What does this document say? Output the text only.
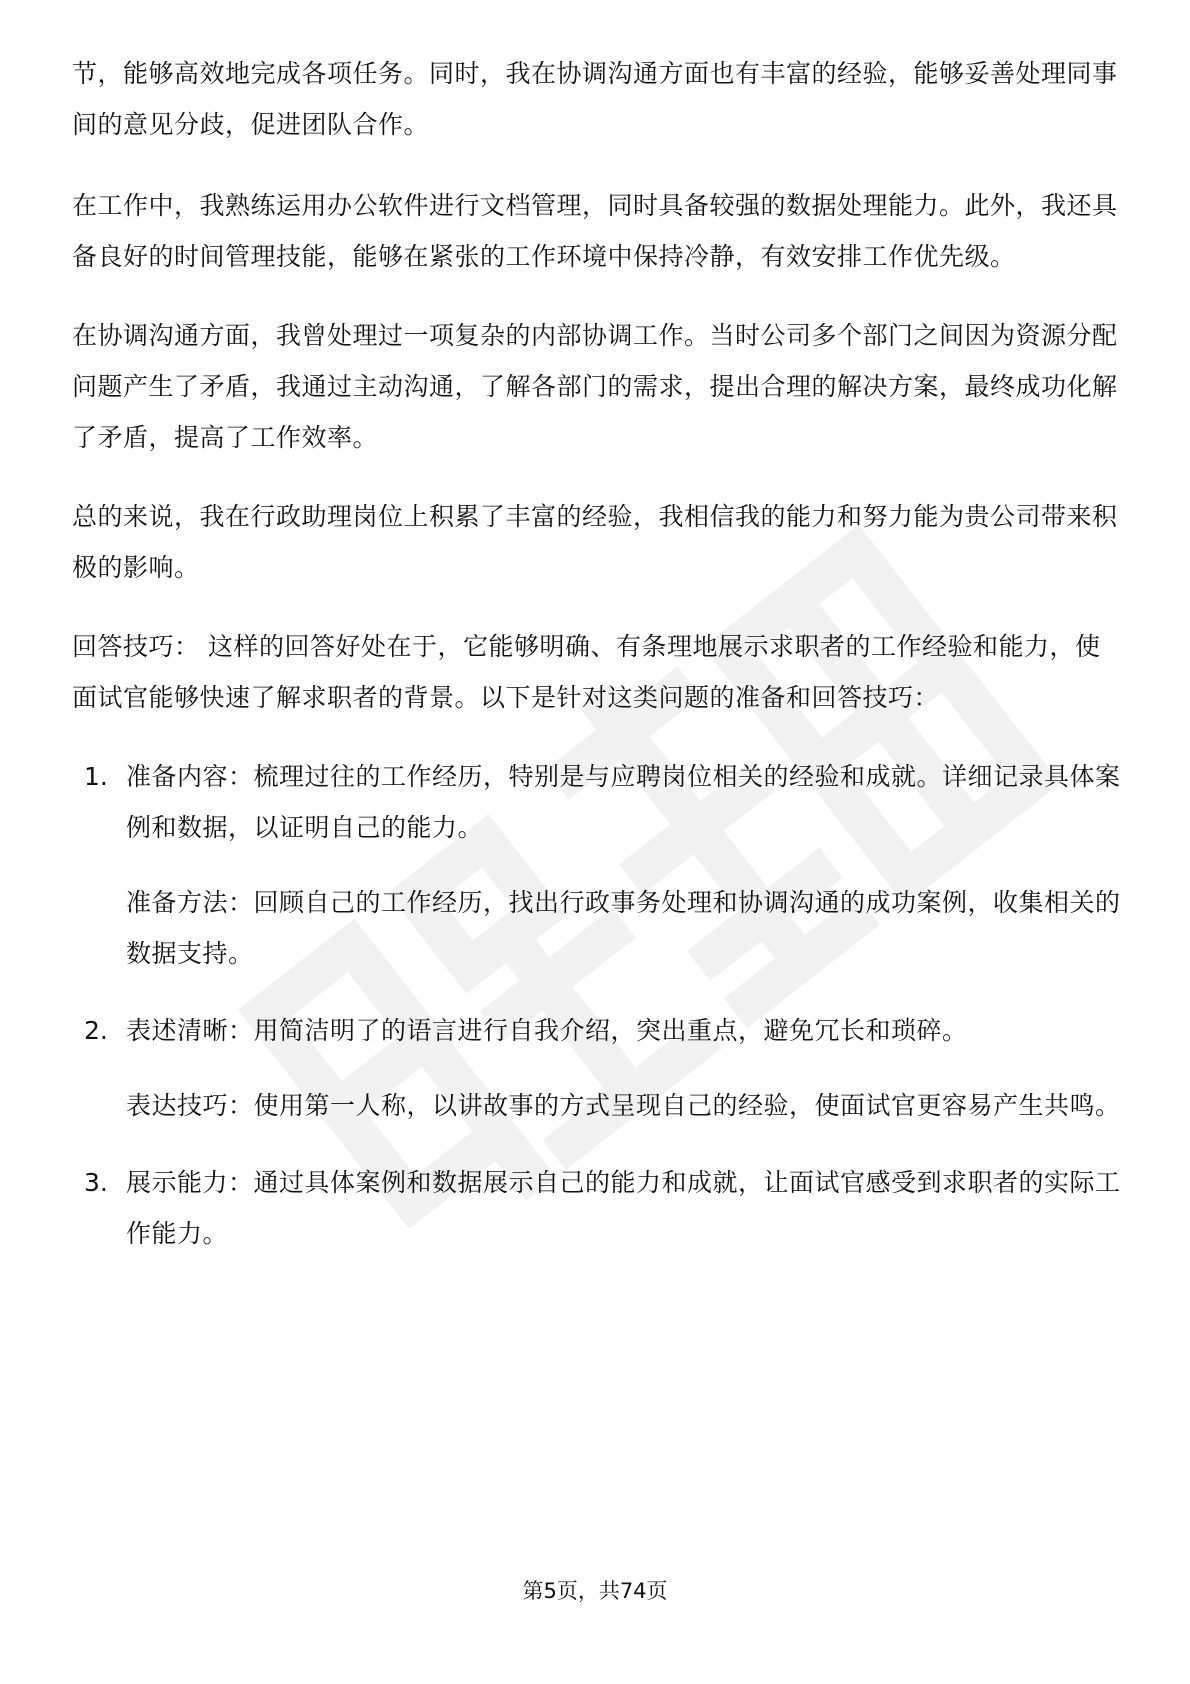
节，能够高效地完成各项任务。同时，我在协调沟通方面也有丰富的经验，能够妥善处理同事间的意见分歧，促进团队合作。

在工作中，我熟练运用办公软件进行文档管理，同时具备较强的数据处理能力。此外，我还具备良好的时间管理技能，能够在紧张的工作环境中保持冷静，有效安排工作优先级。

在协调沟通方面，我曾处理过一项复杂的内部协调工作。当时公司多个部门之间因为资源分配问题产生了矛盾，我通过主动沟通，了解各部门的需求，提出合理的解决方案，最终成功化解了矛盾，提高了工作效率。

总的来说，我在行政助理岗位上积累了丰富的经验，我相信我的能力和努力能为贵公司带来积极的影响。

回答技巧： 这样的回答好处在于，它能够明确、有条理地展示求职者的工作经验和能力，使面试官能够快速了解求职者的背景。以下是针对这类问题的准备和回答技巧：

1. 准备内容：梳理过往的工作经历，特别是与应聘岗位相关的经验和成就。详细记录具体案例和数据，以证明自己的能力。

准备方法：回顾自己的工作经历，找出行政事务处理和协调沟通的成功案例，收集相关的数据支持。

2. 表述清晰：用简洁明了的语言进行自我介绍，突出重点，避免冗长和琐碎。

表达技巧：使用第一人称，以讲故事的方式呈现自己的经验，使面试官更容易产生共鸣。

3. 展示能力：通过具体案例和数据展示自己的能力和成就，让面试官感受到求职者的实际工作能力。

第5页，共74页
